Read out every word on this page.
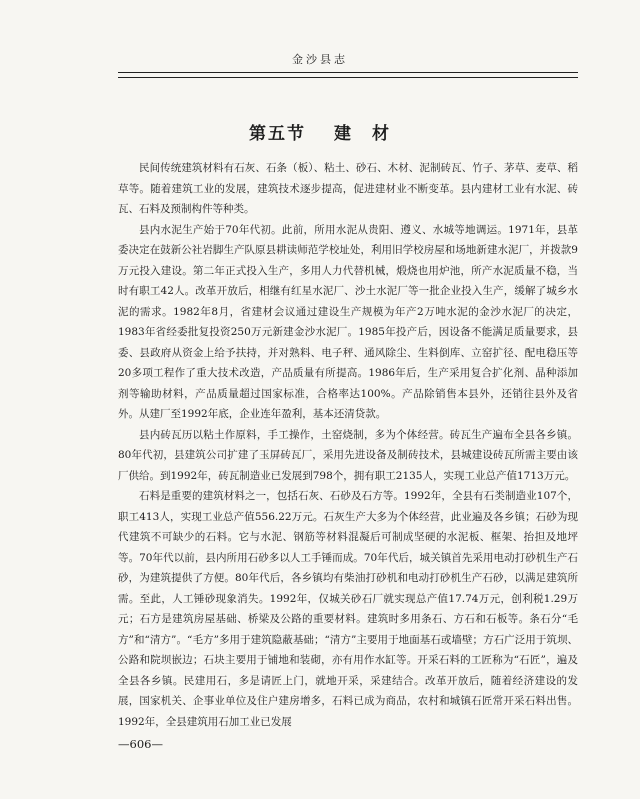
金沙县志
第五节 建　材

民间传统建筑材料有石灰、石条（板）、粘土、砂石、木材、泥制砖瓦、竹子、茅草、麦草、稻草等。随着建筑工业的发展，建筑技术逐步提高，促进建材业不断变革。县内建材工业有水泥、砖瓦、石料及预制构件等种类。

县内水泥生产始于70年代初。此前，所用水泥从贵阳、遵义、水城等地调运。1971年，县革委决定在鼓新公社岩脚生产队原县耕读师范学校址处，利用旧学校房屋和场地新建水泥厂，并拨款9万元投入建设。第二年正式投入生产，多用人力代替机械，煅烧也用炉池，所产水泥质量不稳，当时有职工42人。改革开放后，相继有红星水泥厂、沙土水泥厂等一批企业投入生产，缓解了城乡水泥的需求。1982年8月，省建材会议通过建设生产规模为年产2万吨水泥的金沙水泥厂的决定，1983年省经委批复投资250万元新建金沙水泥厂。1985年投产后，因设备不能满足质量要求，县委、县政府从资金上给予扶持，并对熟料、电子秤、通风除尘、生料倒库、立窑扩径、配电稳压等20多项工程作了重大技术改造，产品质量有所提高。1986年后，生产采用复合扩化剂、晶种添加剂等输助材料，产品质量超过国家标准，合格率达100%。产品除销售本县外，还销往县外及省外。从建厂至1992年底，企业连年盈利，基本还清贷款。

县内砖瓦历以粘土作原料，手工操作，土窑烧制，多为个体经营。砖瓦生产遍布全县各乡镇。80年代初，县建筑公司扩建了玉屏砖瓦厂，采用先进设备及制砖技术，县城建设砖瓦所需主要由该厂供给。到1992年，砖瓦制造业已发展到798个，拥有职工2135人，实现工业总产值1713万元。

石料是重要的建筑材料之一，包括石灰、石砂及石方等。1992年，全县有石类制造业107个，职工413人，实现工业总产值556.22万元。石灰生产大多为个体经营，此业遍及各乡镇；石砂为现代建筑不可缺少的石料。它与水泥、钢筋等材料混凝后可制成坚硬的水泥板、框架、抬担及地坪等。70年代以前，县内所用石砂多以人工手锤而成。70年代后，城关镇首先采用电动打砂机生产石砂，为建筑提供了方便。80年代后，各乡镇均有柴油打砂机和电动打砂机生产石砂，以满足建筑所需。至此，人工锤砂现象消失。1992年，仅城关砂石厂就实现总产值17.74万元，创利税1.29万元；石方是建筑房屋基础、桥梁及公路的重要材料。建筑时多用条石、方石和石板等。条石分“毛方”和“清方”。“毛方”多用于建筑隐蔽基础；“清方”主要用于地面基石或墙壁；方石广泛用于筑坝、公路和院坝嵌边；石块主要用于铺地和装砌，亦有用作水缸等。开采石料的工匠称为“石匠”，遍及全县各乡镇。民建用石，多是请匠上门，就地开采，采建结合。改革开放后，随着经济建设的发展，国家机关、企事业单位及住户建房增多，石料已成为商品，农村和城镇石匠常开采石料出售。1992年，全县建筑用石加工业已发展

—606—
